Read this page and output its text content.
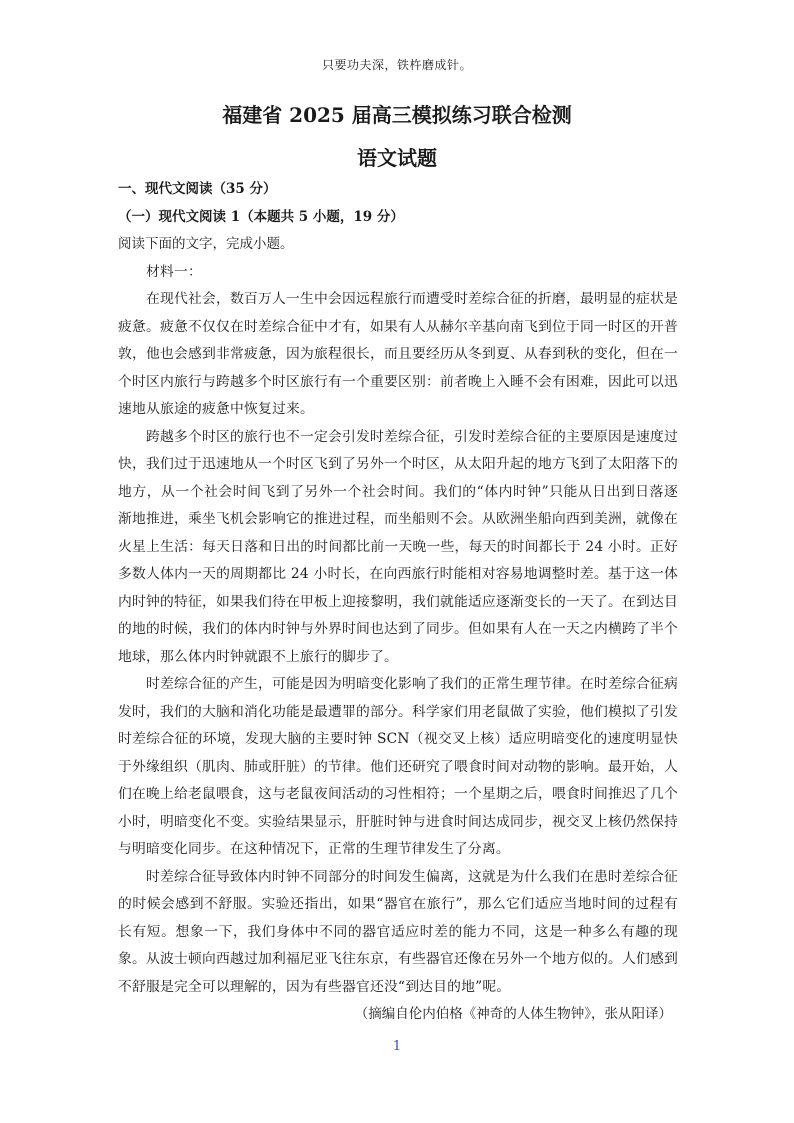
只要功夫深，铁杵磨成针。
福建省 2025 届高三模拟练习联合检测
语文试题
一、现代文阅读（35 分）
（一）现代文阅读 1（本题共 5 小题，19 分）
阅读下面的文字，完成小题。

材料一：

在现代社会，数百万人一生中会因远程旅行而遭受时差综合征的折磨，最明显的症状是疲惫。疲惫不仅仅在时差综合征中才有，如果有人从赫尔辛基向南飞到位于同一时区的开普敦，他也会感到非常疲惫，因为旅程很长，而且要经历从冬到夏、从春到秋的变化，但在一个时区内旅行与跨越多个时区旅行有一个重要区别：前者晚上入睡不会有困难，因此可以迅速地从旅途的疲惫中恢复过来。

跨越多个时区的旅行也不一定会引发时差综合征，引发时差综合征的主要原因是速度过快，我们过于迅速地从一个时区飞到了另外一个时区，从太阳升起的地方飞到了太阳落下的地方，从一个社会时间飞到了另外一个社会时间。我们的“体内时钟”只能从日出到日落逐渐地推进，乘坐飞机会影响它的推进过程，而坐船则不会。从欧洲坐船向西到美洲，就像在火星上生活：每天日落和日出的时间都比前一天晚一些，每天的时间都长于 24 小时。正好多数人体内一天的周期都比 24 小时长，在向西旅行时能相对容易地调整时差。基于这一体内时钟的特征，如果我们待在甲板上迎接黎明，我们就能适应逐渐变长的一天了。在到达目的地的时候，我们的体内时钟与外界时间也达到了同步。但如果有人在一天之内横跨了半个地球，那么体内时钟就跟不上旅行的脚步了。

时差综合征的产生，可能是因为明暗变化影响了我们的正常生理节律。在时差综合征病发时，我们的大脑和消化功能是最遭罪的部分。科学家们用老鼠做了实验，他们模拟了引发时差综合征的环境，发现大脑的主要时钟 SCN（视交叉上核）适应明暗变化的速度明显快于外缘组织（肌肉、肺或肝脏）的节律。他们还研究了喂食时间对动物的影响。最开始，人们在晚上给老鼠喂食，这与老鼠夜间活动的习性相符；一个星期之后，喂食时间推迟了几个小时，明暗变化不变。实验结果显示，肝脏时钟与进食时间达成同步，视交叉上核仍然保持与明暗变化同步。在这种情况下，正常的生理节律发生了分离。

时差综合征导致体内时钟不同部分的时间发生偏离，这就是为什么我们在患时差综合征的时候会感到不舒服。实验还指出，如果“器官在旅行”，那么它们适应当地时间的过程有长有短。想象一下，我们身体中不同的器官适应时差的能力不同，这是一种多么有趣的现象。从波士顿向西越过加利福尼亚飞往东京，有些器官还像在另外一个地方似的。人们感到不舒服是完全可以理解的，因为有些器官还没“到达目的地”呢。

（摘编自伦内伯格《神奇的人体生物钟》，张从阳译）
1
